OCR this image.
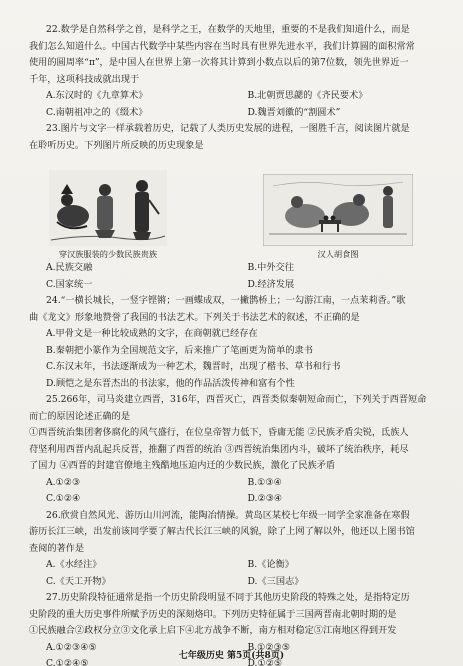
22.数学是自然科学之首，是科学之王，在数学的天地里，重要的不是我们知道什么，而是

我们怎么知道什么。中国古代数学中某些内容在当时具有世界先进水平，我们计算圆的面积常常

使用的圆周率“π”，是中国人在世界上第一次将其计算到小数点以后的第7位数，领先世界近一

千年，这项科技成就出现于

A.东汉时的《九章算术》	B.北朝贾思勰的《齐民要术》
C.南朝祖冲之的《缀术》	D.魏晋刘徽的“割圆术”

23.图片与文字一样承载着历史，记载了人类历史发展的进程，一图胜千言，阅读图片就是

在聆听历史。下列图片所反映的历史现象是

穿汉族服装的少数民族贵族	汉人胡食图
A.民族交融	B.中外交往
C.国家统一	D.经济发展

24.“一横长城长，一竖字铿锵；一画蝶成双，一撇鹊桥上；一勾游江南，一点茉莉香。”歌

曲《龙文》形象地赞誉了我国的书法艺术。下列关于书法艺术的叙述，不正确的是

A.甲骨文是一种比较成熟的文字，在商朝就已经存在

B.秦朝把小篆作为全国规范文字，后来推广了笔画更为简单的隶书

C.东汉末年，书法逐渐成为一种艺术，魏晋时，出现了楷书、草书和行书

D.顾恺之是东晋杰出的书法家，他的作品活泼传神和富有个性

25.266年，司马炎建立西晋，316年，西晋灭亡，西晋类似秦朝短命而亡，下列关于西晋短命

而亡的原因论述正确的是

①西晋统治集团奢侈腐化的风气盛行，在位皇帝智力低下，昏庸无能 ②民族矛盾尖锐，氐族人

苻坚利用西晋内乱起兵反晋，推翻了西晋的统治 ③西晋统治集团内斗，破坏了统治秩序，耗尽

了国力 ④西晋的封建官僚地主残酷地压迫内迁的少数民族，激化了民族矛盾

A.①②③	B.①③④
C.①②④	D.②③④

26.欣赏自然风光、游历山川河流，能陶冶情操。黄岛区某校七年级一同学全家准备在寒假

游历长江三峡，出发前该同学要了解古代长江三峡的风貌，除了上网了解以外，他还以上图书馆

查阅的著作是

A.《水经注》	B.《论衡》
C.《天工开物》	D.《三国志》

27.历史阶段特征通常是指一个历史阶段明显不同于其他历史阶段的特殊之处，是指特定历

史阶段的重大历史事件所赋予历史的深刻烙印。下列历史特征属于三国两晋南北朝时期的是

①民族融合②政权分立③文化承上启下④北方战争不断，南方相对稳定⑤江南地区得到开发

A.①②③④⑤	B.①②③⑤
C.①②④⑤	D.①②⑤
七年级历史 第5页(共8页)
